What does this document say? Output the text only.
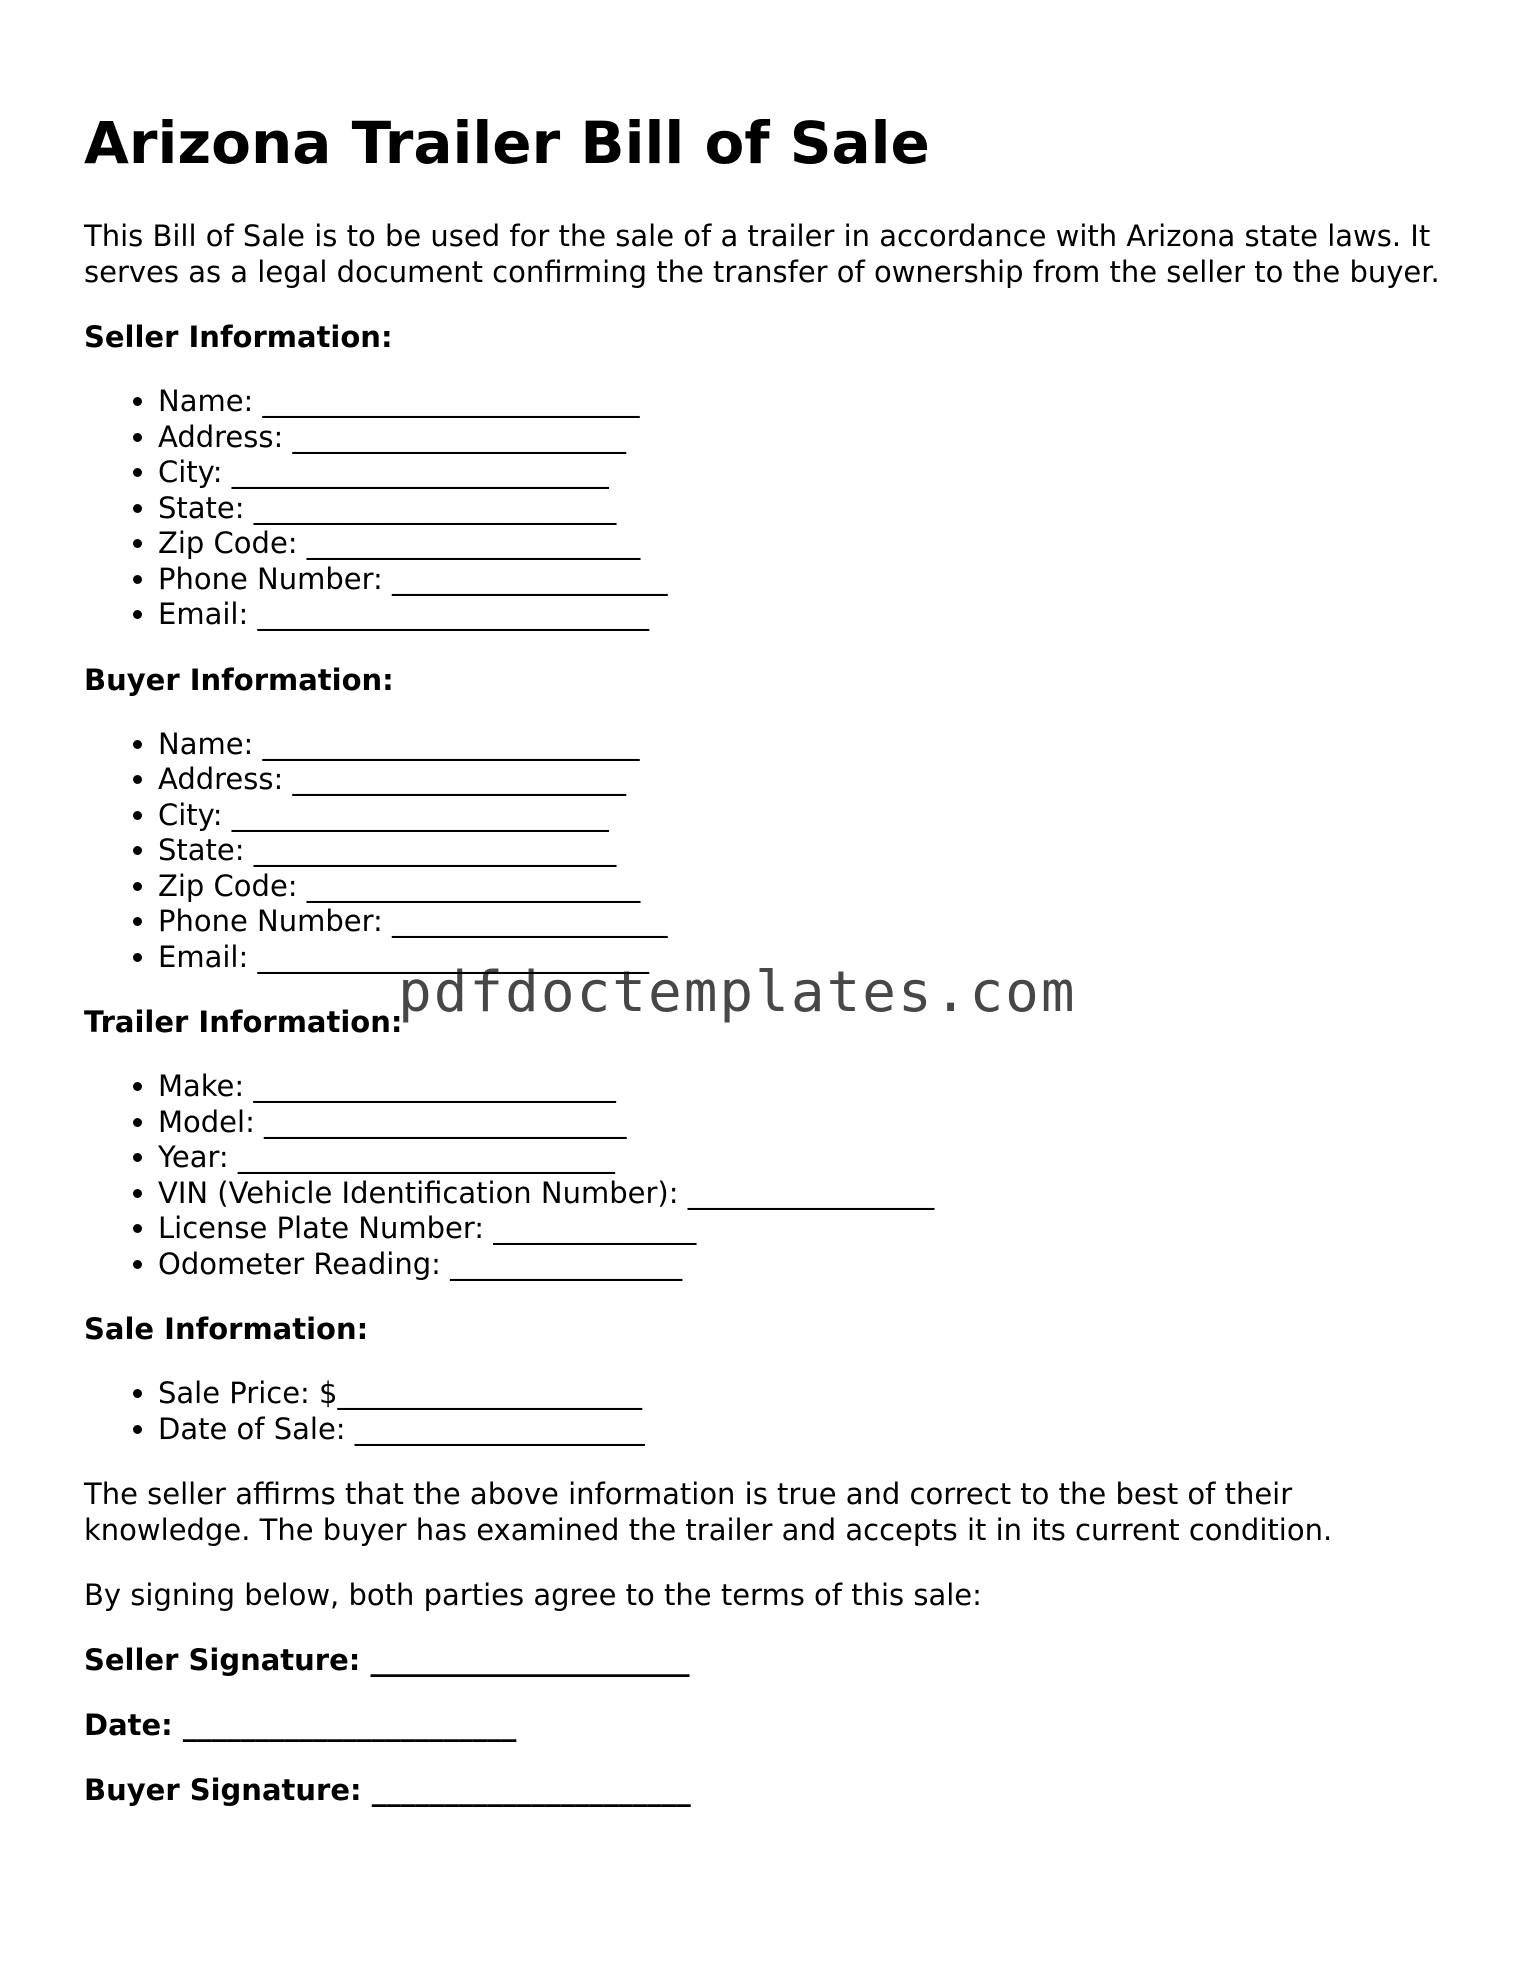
Arizona Trailer Bill of Sale

This Bill of Sale is to be used for the sale of a trailer in accordance with Arizona state laws. It serves as a legal document confirming the transfer of ownership from the seller to the buyer.

Seller Information:

• Name: __________________________
• Address: _______________________
• City: __________________________
• State: _________________________
• Zip Code: _______________________
• Phone Number: ___________________
• Email: ___________________________

Buyer Information:

• Name: __________________________
• Address: _______________________
• City: __________________________
• State: _________________________
• Zip Code: _______________________
• Phone Number: ___________________
• Email: ___________________________

Trailer Information:

• Make: _________________________
• Model: _________________________
• Year: __________________________
• VIN (Vehicle Identification Number): _________________
• License Plate Number: ______________
• Odometer Reading: ________________

Sale Information:

• Sale Price: $_____________________
• Date of Sale: ____________________

The seller affirms that the above information is true and correct to the best of their knowledge. The buyer has examined the trailer and accepts it in its current condition.

By signing below, both parties agree to the terms of this sale:

Seller Signature: ______________________

Date: _______________________

Buyer Signature: ______________________

pdfdoctemplates.com
